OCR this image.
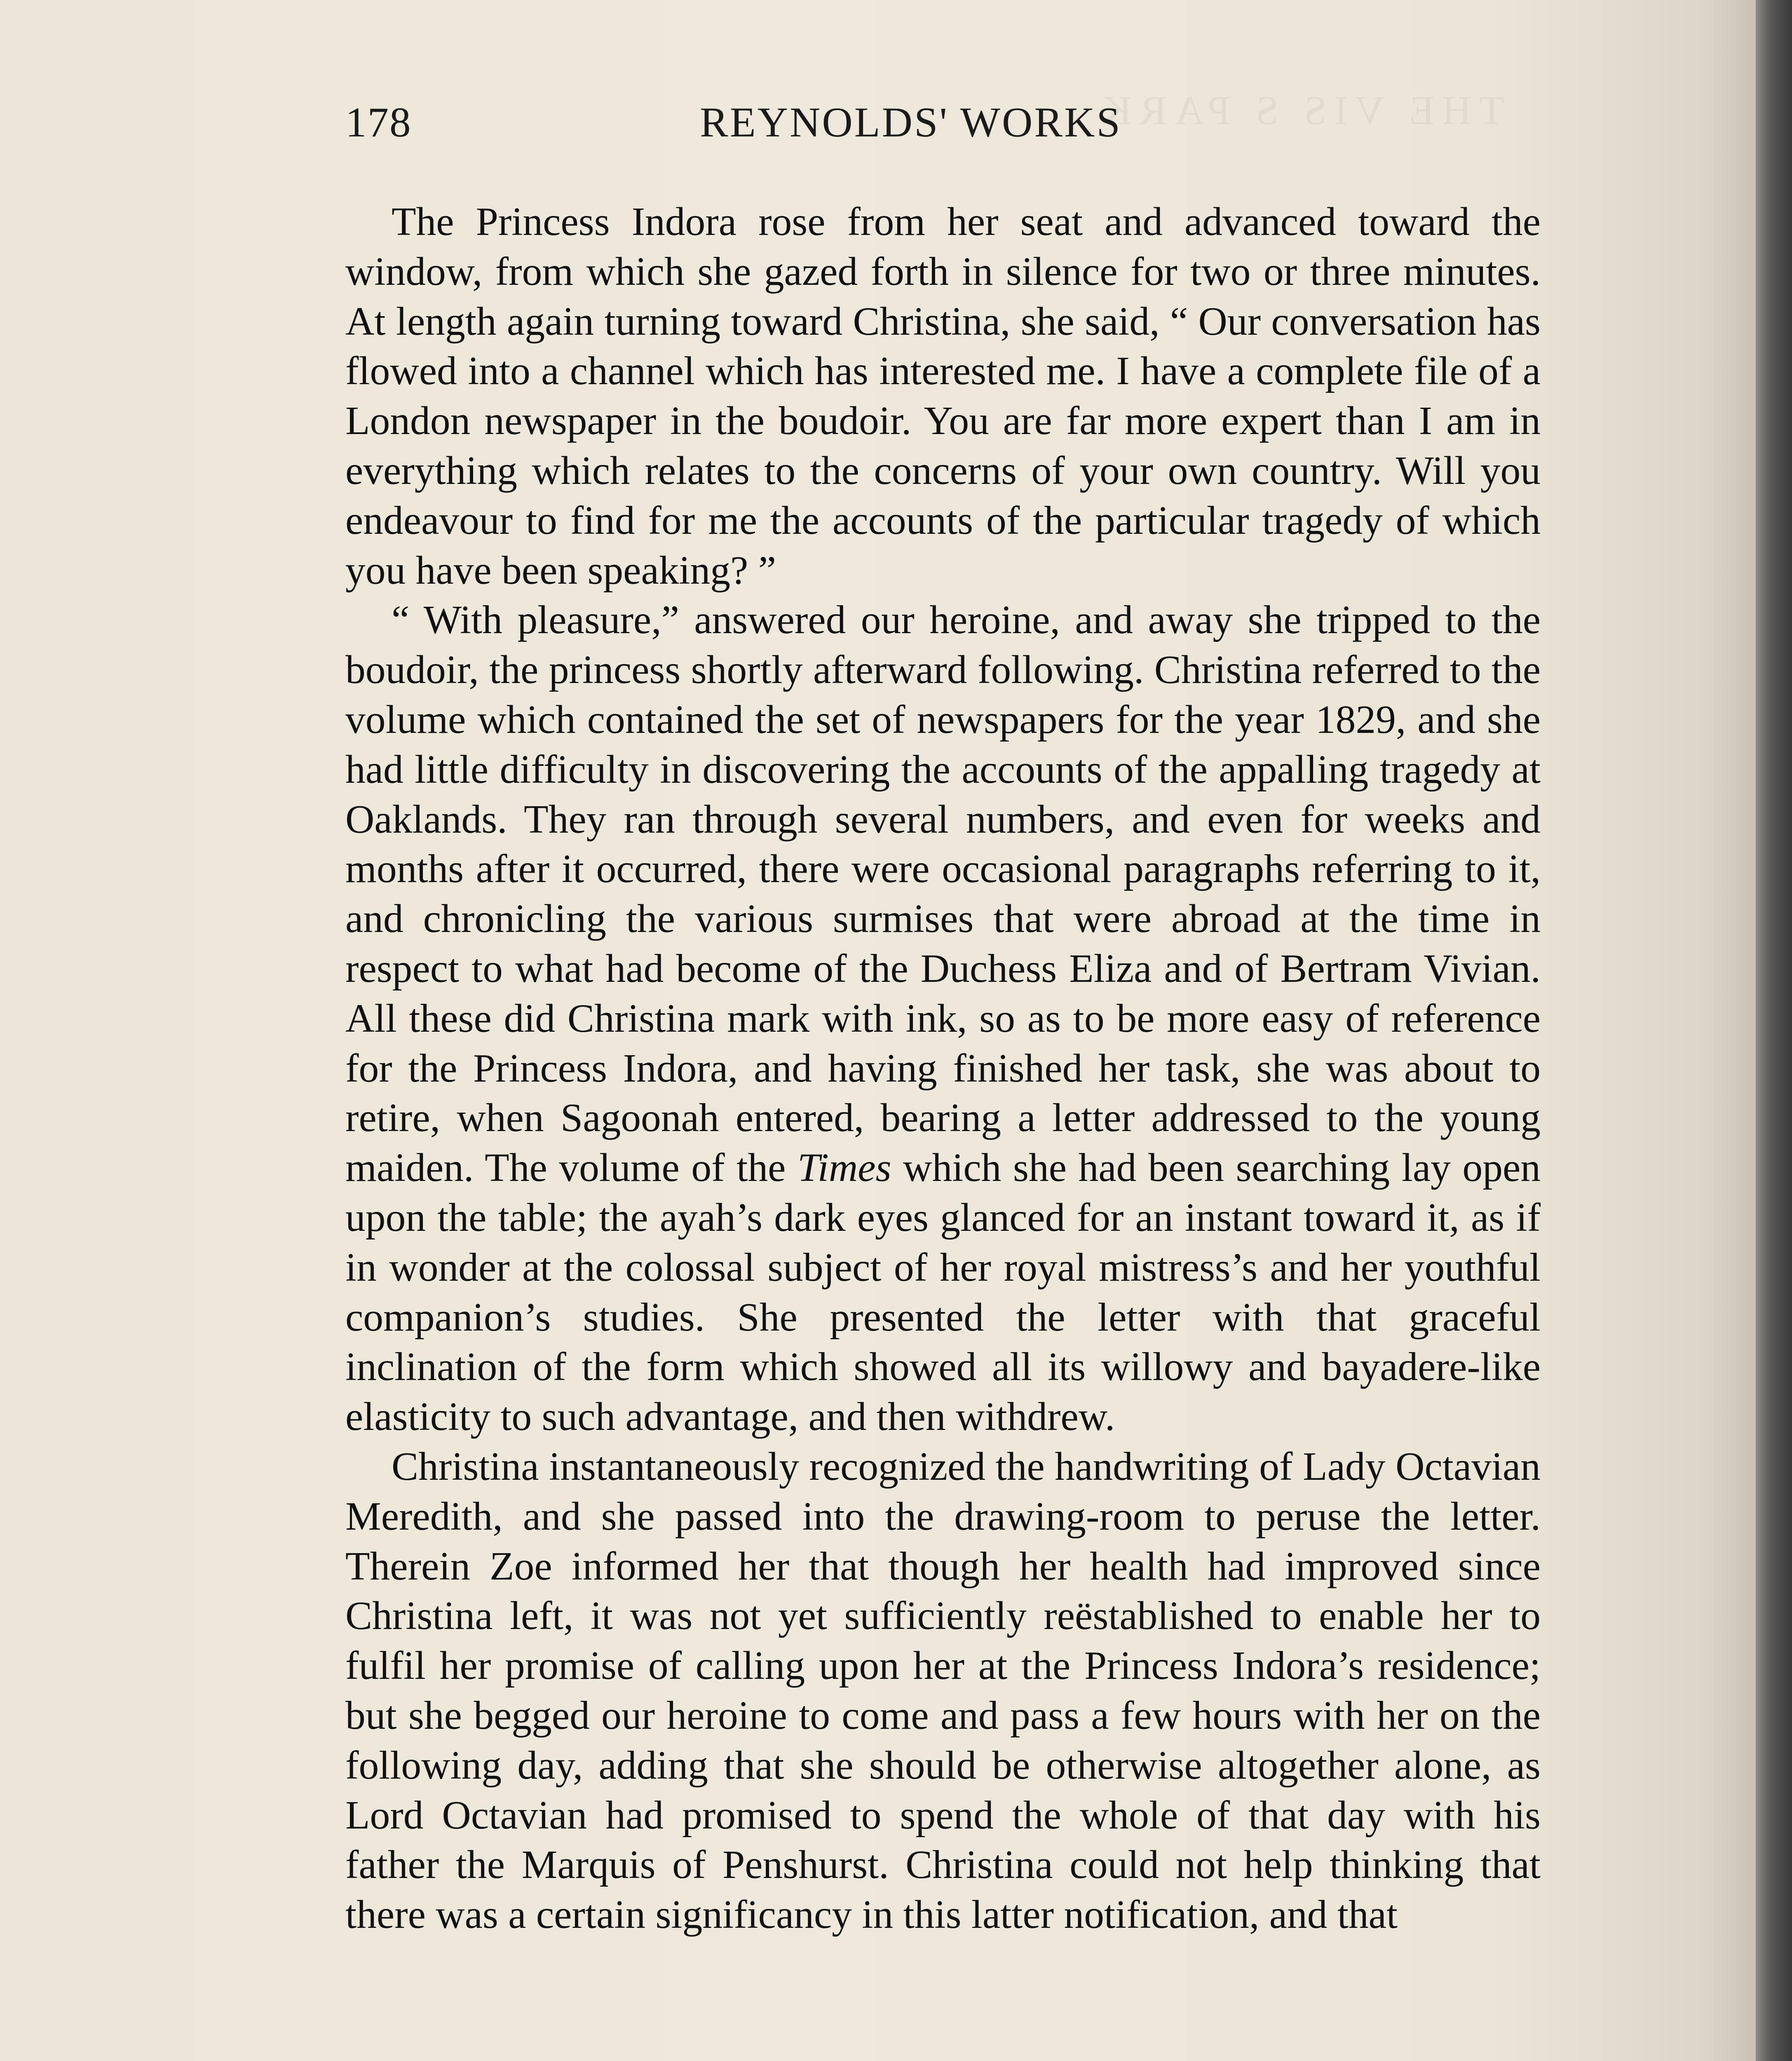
THE VIS S PARK
178	REYNOLDS' WORKS

The Princess Indora rose from her seat and advanced toward the window, from which she gazed forth in silence for two or three minutes. At length again turning toward Christina, she said, “ Our conversation has flowed into a channel which has interested me. I have a complete file of a London newspaper in the boudoir. You are far more expert than I am in everything which relates to the concerns of your own country. Will you endeavour to find for me the accounts of the particular tragedy of which you have been speaking? ”

“ With pleasure,” answered our heroine, and away she tripped to the boudoir, the princess shortly afterward following. Christina referred to the volume which contained the set of newspapers for the year 1829, and she had little difficulty in discovering the accounts of the appalling tragedy at Oaklands. They ran through several numbers, and even for weeks and months after it occurred, there were occasional paragraphs referring to it, and chronicling the various surmises that were abroad at the time in respect to what had become of the Duchess Eliza and of Bertram Vivian. All these did Christina mark with ink, so as to be more easy of reference for the Princess Indora, and having finished her task, she was about to retire, when Sagoonah entered, bearing a letter addressed to the young maiden. The volume of the Times which she had been searching lay open upon the table; the ayah’s dark eyes glanced for an instant toward it, as if in wonder at the colossal subject of her royal mistress’s and her youthful companion’s studies. She presented the letter with that graceful inclination of the form which showed all its willowy and bayadere-like elasticity to such advantage, and then withdrew.

Christina instantaneously recognized the handwriting of Lady Octavian Meredith, and she passed into the drawing-room to peruse the letter. Therein Zoe informed her that though her health had improved since Christina left, it was not yet sufficiently reëstablished to enable her to fulfil her promise of calling upon her at the Princess Indora’s residence; but she begged our heroine to come and pass a few hours with her on the following day, adding that she should be otherwise altogether alone, as Lord Octavian had promised to spend the whole of that day with his father the Marquis of Penshurst. Christina could not help thinking that there was a certain significancy in this latter notification, and that
